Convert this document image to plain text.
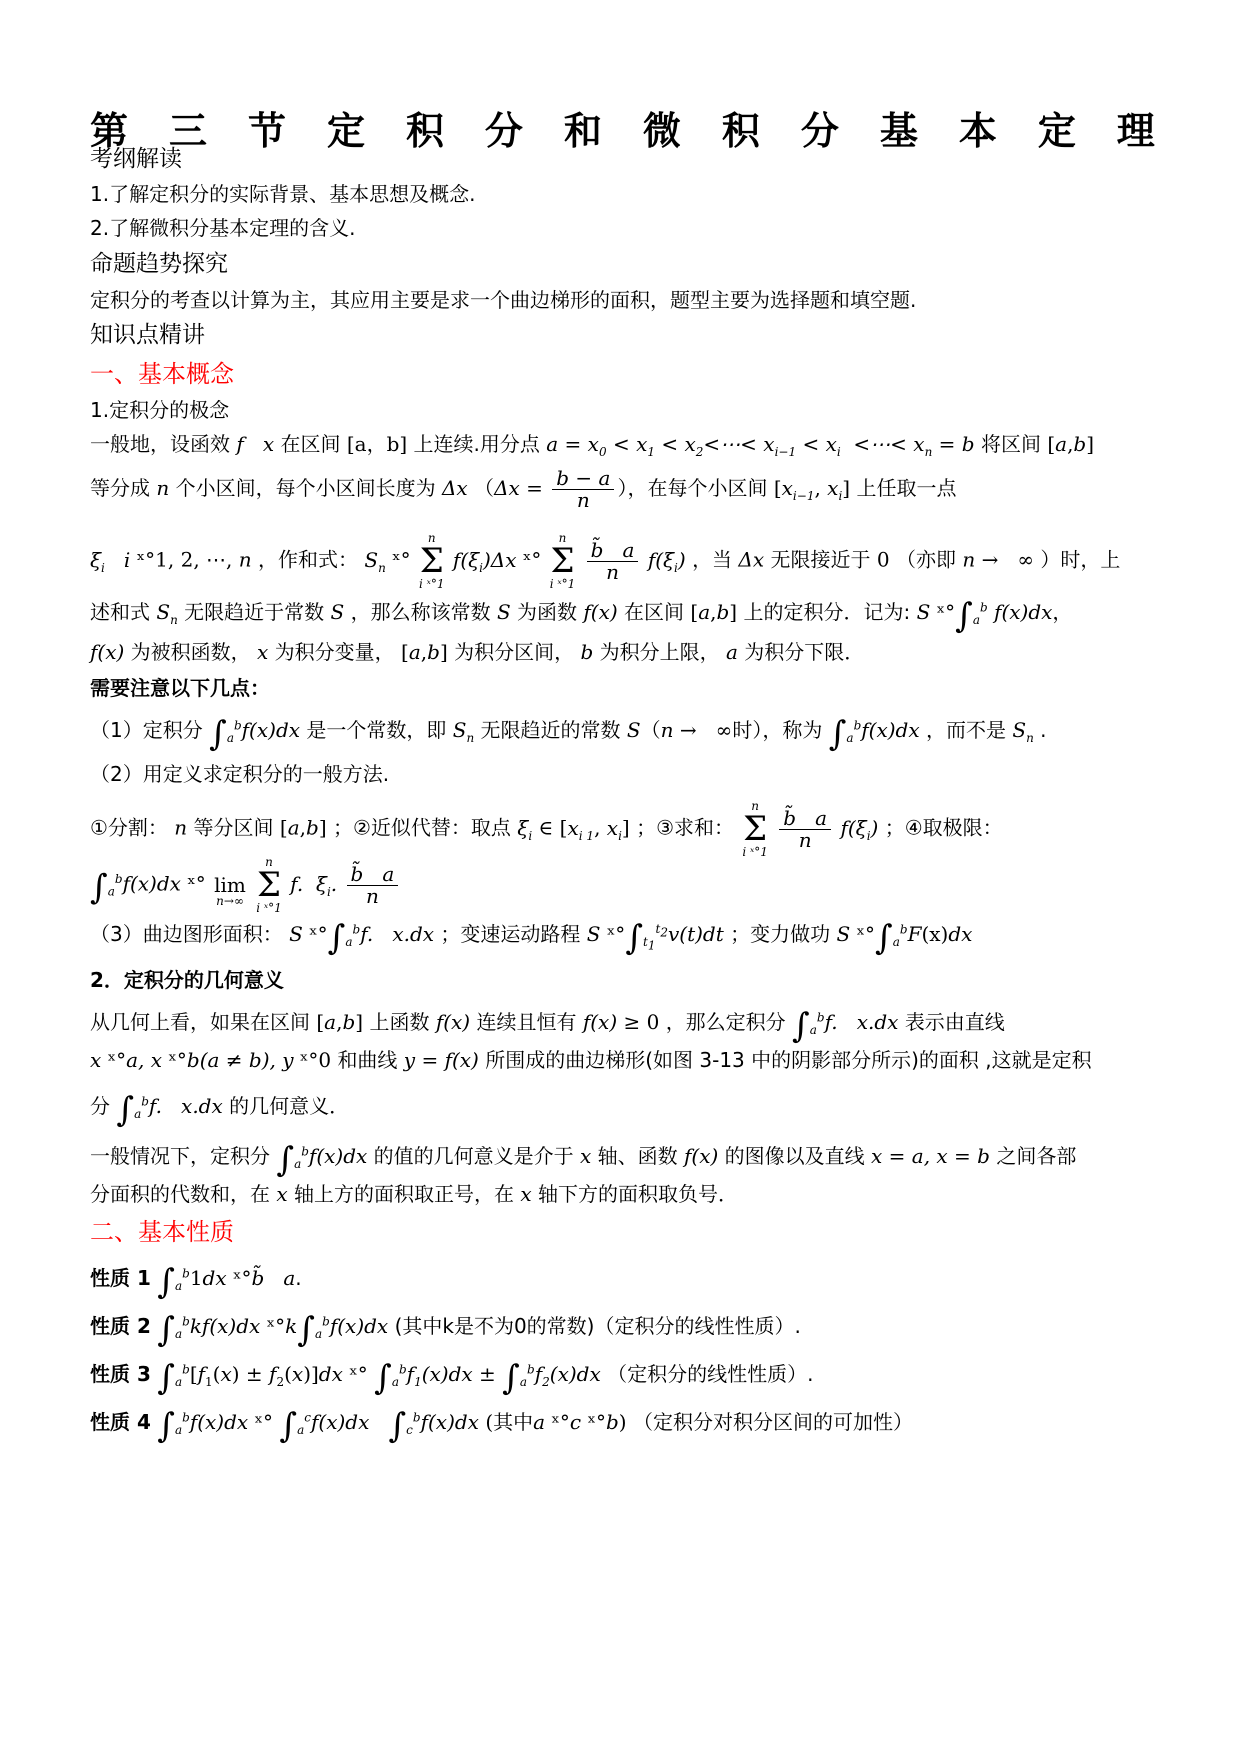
第 三 节 定 积 分 和 微 积 分 基 本 定 理
考纲解读
1.了解定积分的实际背景、基本思想及概念.
2.了解微积分基本定理的含义.
命题趋势探究
定积分的考查以计算为主，其应用主要是求一个曲边梯形的面积，题型主要为选择题和填空题.
知识点精讲
一、基本概念
1.定积分的极念
一般地，设函效 f   x 在区间 [a，b] 上连续.用分点 $a = x_0 < x_1$ < $x_2<\cdots< x_{i-1} < x_i$  <⋯< $x_n = b$ 将区间 [a,b]
等分成 n 个小区间，每个小区间长度为 Δx （$\Delta x = \frac{b - a}{n}$ ），在每个小区间 [$x_{i-1}$, $x_i$] 上任取一点
$\xi_i$   i ˣ°1, 2, ⋯, n ，作和式： $S_n$ ˣ°
n
Σ
i ˣ°1
$f(\xi_i)\Delta x$ ˣ°
n
Σ
i ˣ°1

$\frac{b̃ a}{n} f(\xi_i)$ ，当 Δx 无限接近于 0 （亦即 n →   ∞ ）时，上
述和式 $S_n$ 无限趋近于常数 S ，那么称该常数 S 为函数 f(x) 在区间 [a,b] 上的定积分．记为: S $ˣ^\circ\int_a^b$ f(x)dx，
f(x) 为被积函数， x 为积分变量， [a,b] 为积分区间， b 为积分上限， a 为积分下限．
需要注意以下几点：
（1）定积分 $\int_a^bf(x)dx$ 是一个常数，即 $S_n$ 无限趋近的常数 S（n →   ∞时），称为 $\int_a^bf(x)dx$ ，而不是 $S_n$ .
（2）用定义求定积分的一般方法.
①分割： n 等分区间 [a,b] ；②近似代替：取点 $\xi_i$ ∈ [$x_{i 1}$, $x_i$] ；③求和：
n
Σ
i ˣ°1

$\frac{b̃ a}{n} f(\xi_i)$ ；④取极限：
$\int_a^bf(x)dx$ ˣ°
lim
n→∞

n
Σ
i ˣ°1
f.  $\xi_i$. $\frac{b̃ a}{n}$
（3）曲边图形面积： S $ˣ^\circ\int_a^bf$.   x.dx ；变速运动路程 S $ˣ^\circ\int_{t_1}^{t_2}v(t)dt$ ；变力做功 S $ˣ^\circ\int_a^bF(x)dx$
2．定积分的几何意义
从几何上看，如果在区间 [a,b] 上函数 f(x) 连续且恒有 f(x) ≥ 0 ，那么定积分 $\int_a^bf$.   x.dx 表示由直线
x ˣ°a, x ˣ°b(a ≠ b), y ˣ°0 和曲线 y = f(x) 所围成的曲边梯形(如图 3-13 中的阴影部分所示)的面积 ,这就是定积
分 $\int_a^bf$.   x.dx 的几何意义．
一般情况下，定积分 $\int_a^bf(x)dx$ 的值的几何意义是介于 x 轴、函数 f(x) 的图像以及直线 x = a, x = b 之间各部
分面积的代数和，在 x 轴上方的面积取正号，在 x 轴下方的面积取负号．
二、基本性质
性质 1 $\int_a^b1dx$ ˣ°b̃   a.
性质 2 $\int_a^bkf(x)dx$ $ˣ^\circ k\int_a^bf(x)dx$ (其中k是不为0的常数)（定积分的线性性质）.
性质 3 $\int_a^b[f_1(x) \pm f_2(x)]dx$ ˣ° $\int_a^bf_1(x)dx \pm \int_a^bf_2(x)dx$ （定积分的线性性质）.
性质 4 $\int_a^bf(x)dx$ ˣ° $\int_a^cf(x)dx$ $\int_c^bf(x)dx$ (其中a ˣ°c ˣ°b) （定积分对积分区间的可加性）
